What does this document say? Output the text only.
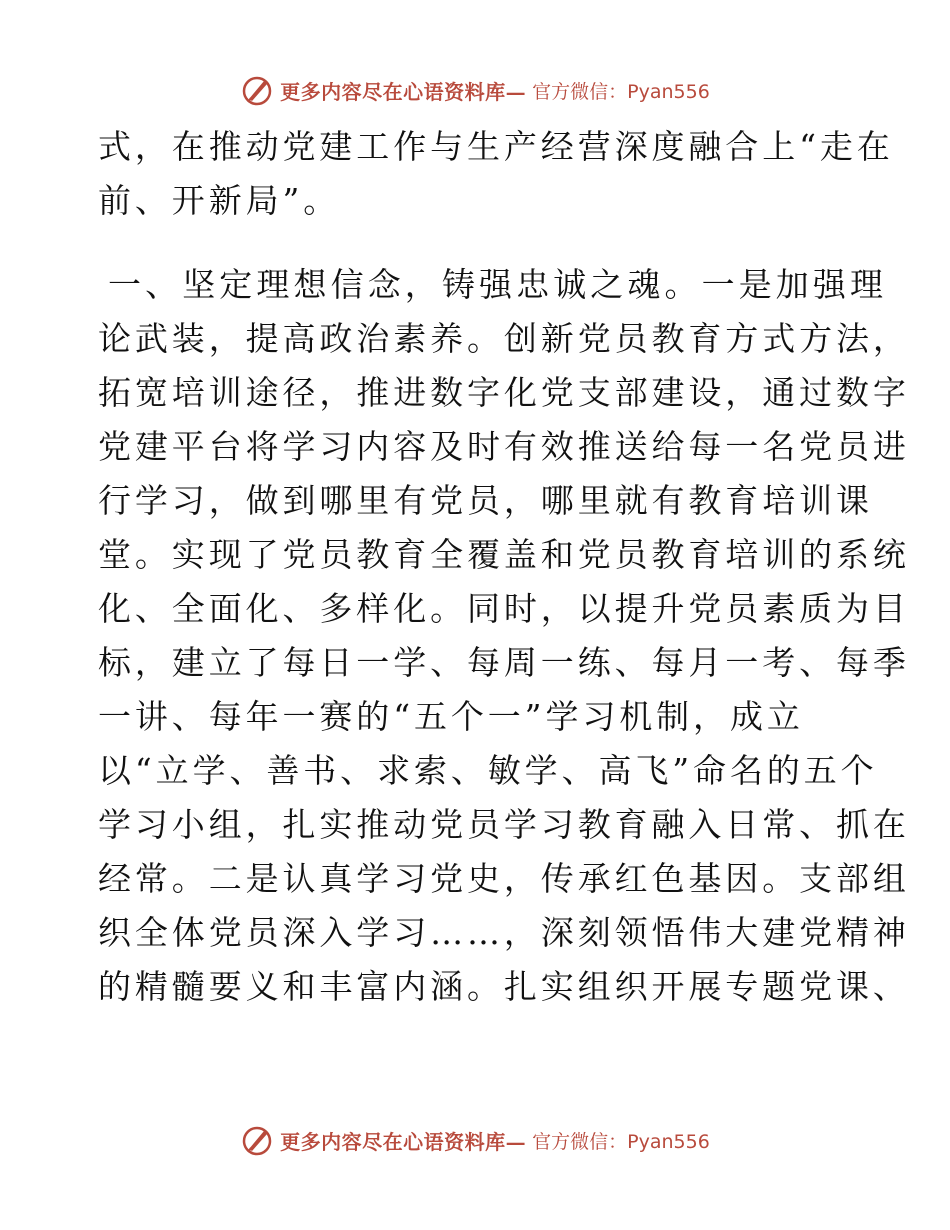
更多内容尽在心语资料库— 官方微信：Pyan556
式，在推动党建工作与生产经营深度融合上“走在
前、开新局”。
一、坚定理想信念，铸强忠诚之魂。一是加强理
论武装，提高政治素养。创新党员教育方式方法，
拓宽培训途径，推进数字化党支部建设，通过数字
党建平台将学习内容及时有效推送给每一名党员进
行学习，做到哪里有党员，哪里就有教育培训课
堂。实现了党员教育全覆盖和党员教育培训的系统
化、全面化、多样化。同时，以提升党员素质为目
标，建立了每日一学、每周一练、每月一考、每季
一讲、每年一赛的“五个一”学习机制，成立
以“立学、善书、求索、敏学、高飞”命名的五个
学习小组，扎实推动党员学习教育融入日常、抓在
经常。二是认真学习党史，传承红色基因。支部组
织全体党员深入学习……，深刻领悟伟大建党精神
的精髓要义和丰富内涵。扎实组织开展专题党课、
更多内容尽在心语资料库— 官方微信：Pyan556
